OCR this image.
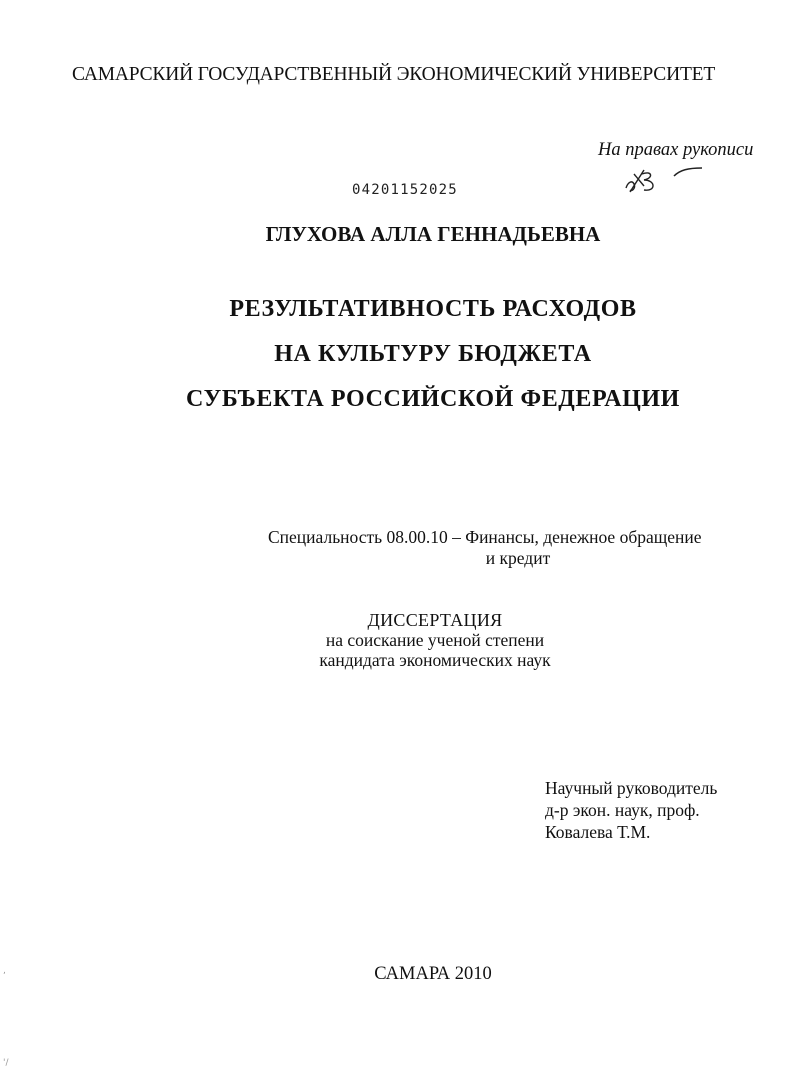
САМАРСКИЙ ГОСУДАРСТВЕННЫЙ ЭКОНОМИЧЕСКИЙ УНИВЕРСИТЕТ
На правах рукописи
04201152025
ГЛУХОВА АЛЛА ГЕННАДЬЕВНА
РЕЗУЛЬТАТИВНОСТЬ РАСХОДОВ
НА КУЛЬТУРУ БЮДЖЕТА
СУБЪЕКТА РОССИЙСКОЙ ФЕДЕРАЦИИ
Специальность 08.00.10 – Финансы, денежное обращение
и кредит
ДИССЕРТАЦИЯ
на соискание ученой степени
кандидата экономических наук
Научный руководитель
д-р экон. наук, проф.
Ковалева Т.М.
САМАРА 2010
,
'/
